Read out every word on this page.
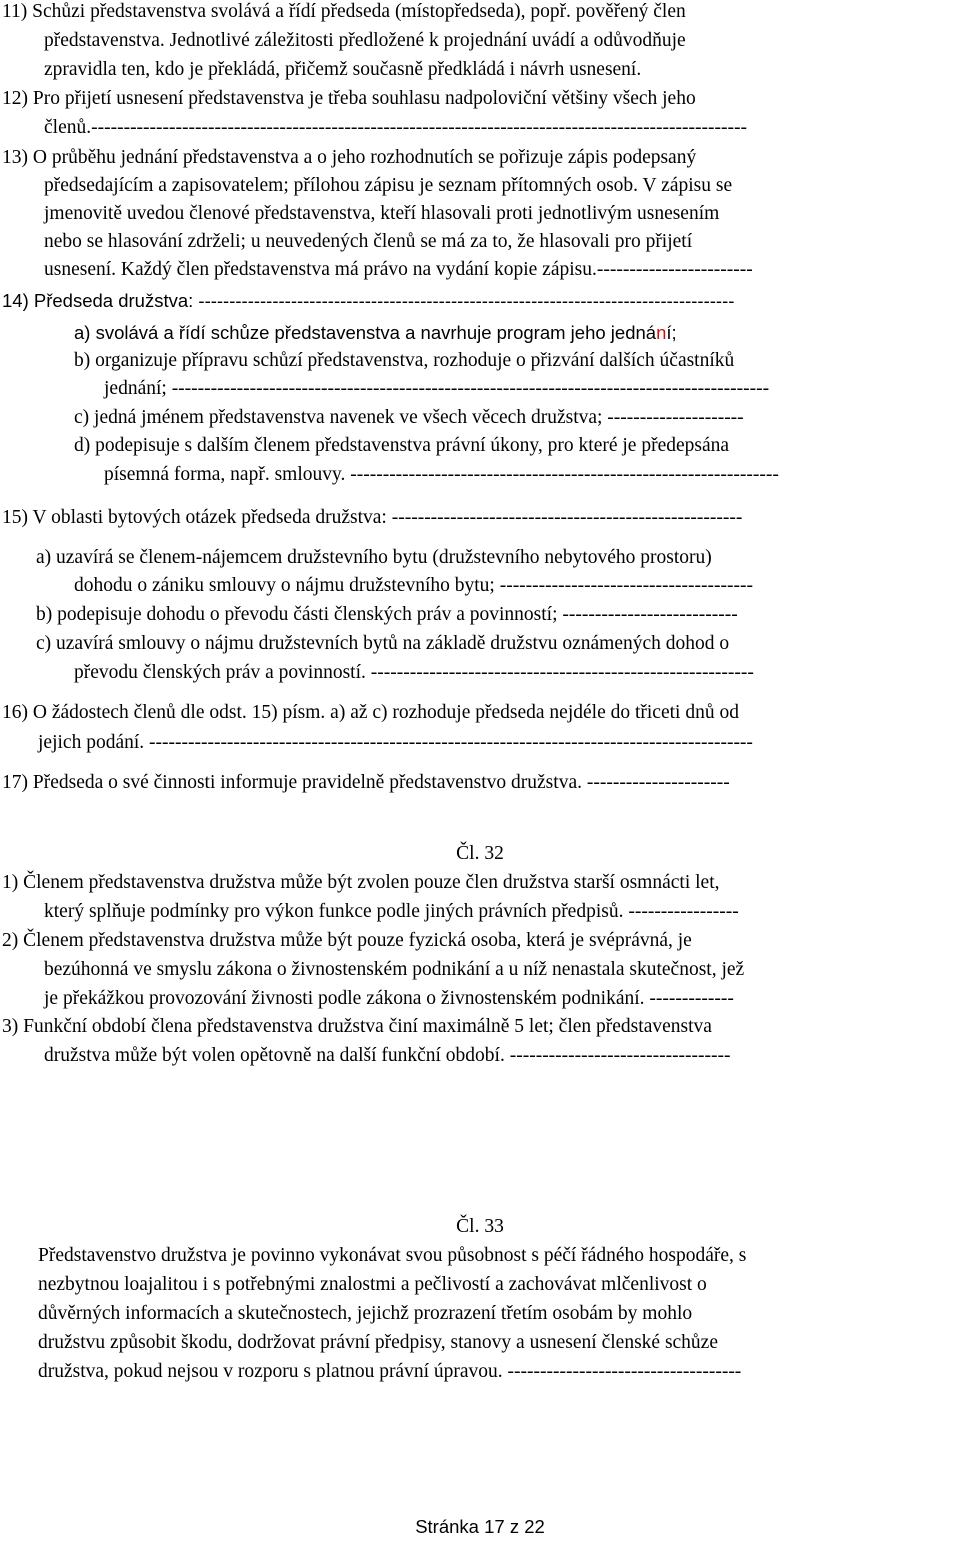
11) Schůzi představenstva svolává a řídí předseda (místopředseda), popř. pověřený člen
představenstva. Jednotlivé záležitosti předložené k projednání uvádí a odůvodňuje
zpravidla ten, kdo je překládá, přičemž současně předkládá i návrh usnesení.
12) Pro přijetí usnesení představenstva je třeba souhlasu nadpoloviční většiny všech jeho
členů.-----------------------------------------------------------------------------------------------------
13) O průběhu jednání představenstva a o jeho rozhodnutích se pořizuje zápis podepsaný
předsedajícím a zapisovatelem; přílohou zápisu je seznam přítomných osob. V zápisu se
jmenovitě uvedou členové představenstva, kteří hlasovali proti jednotlivým usnesením
nebo se hlasování zdrželi; u neuvedených členů se má za to, že hlasovali pro přijetí
usnesení. Každý člen představenstva má právo na vydání kopie zápisu.------------------------
14) Předseda družstva: ---------------------------------------------------------------------------------------
a) svolává a řídí schůze představenstva a navrhuje program jeho jednání;
b) organizuje přípravu schůzí představenstva, rozhoduje o přizvání dalších účastníků
jednání; --------------------------------------------------------------------------------------------
c) jedná jménem představenstva navenek ve všech věcech družstva; ---------------------
d) podepisuje s dalším členem představenstva právní úkony, pro které je předepsána
písemná forma, např. smlouvy. ------------------------------------------------------------------
15) V oblasti bytových otázek předseda družstva: ------------------------------------------------------
a) uzavírá se členem-nájemcem družstevního bytu (družstevního nebytového prostoru)
dohodu o zániku smlouvy o nájmu družstevního bytu; ---------------------------------------
b) podepisuje dohodu o převodu části členských práv a povinností; ---------------------------
c) uzavírá smlouvy o nájmu družstevních bytů na základě družstvu oznámených dohod o
převodu členských práv a povinností. -----------------------------------------------------------
16) O žádostech členů dle odst. 15) písm. a) až c) rozhoduje předseda nejdéle do třiceti dnů od
jejich podání. ---------------------------------------------------------------------------------------------
17) Předseda o své činnosti informuje pravidelně představenstvo družstva. ----------------------
Čl. 32
1) Členem představenstva družstva může být zvolen pouze člen družstva starší osmnácti let,
který splňuje podmínky pro výkon funkce podle jiných právních předpisů. -----------------
2) Členem představenstva družstva může být pouze fyzická osoba, která je svéprávná, je
bezúhonná ve smyslu zákona o živnostenském podnikání a u níž nenastala skutečnost, jež
je překážkou provozování živnosti podle zákona o živnostenském podnikání. -------------
3) Funkční období člena představenstva družstva činí maximálně 5 let; člen představenstva
družstva může být volen opětovně na další funkční období. ----------------------------------
Čl. 33
Představenstvo družstva je povinno vykonávat svou působnost s péčí řádného hospodáře, s
nezbytnou loajalitou i s potřebnými znalostmi a pečlivostí a zachovávat mlčenlivost o
důvěrných informacích a skutečnostech, jejichž prozrazení třetím osobám by mohlo
družstvu způsobit škodu, dodržovat právní předpisy, stanovy a usnesení členské schůze
družstva, pokud nejsou v rozporu s platnou právní úpravou. ------------------------------------
Stránka 17 z 22
